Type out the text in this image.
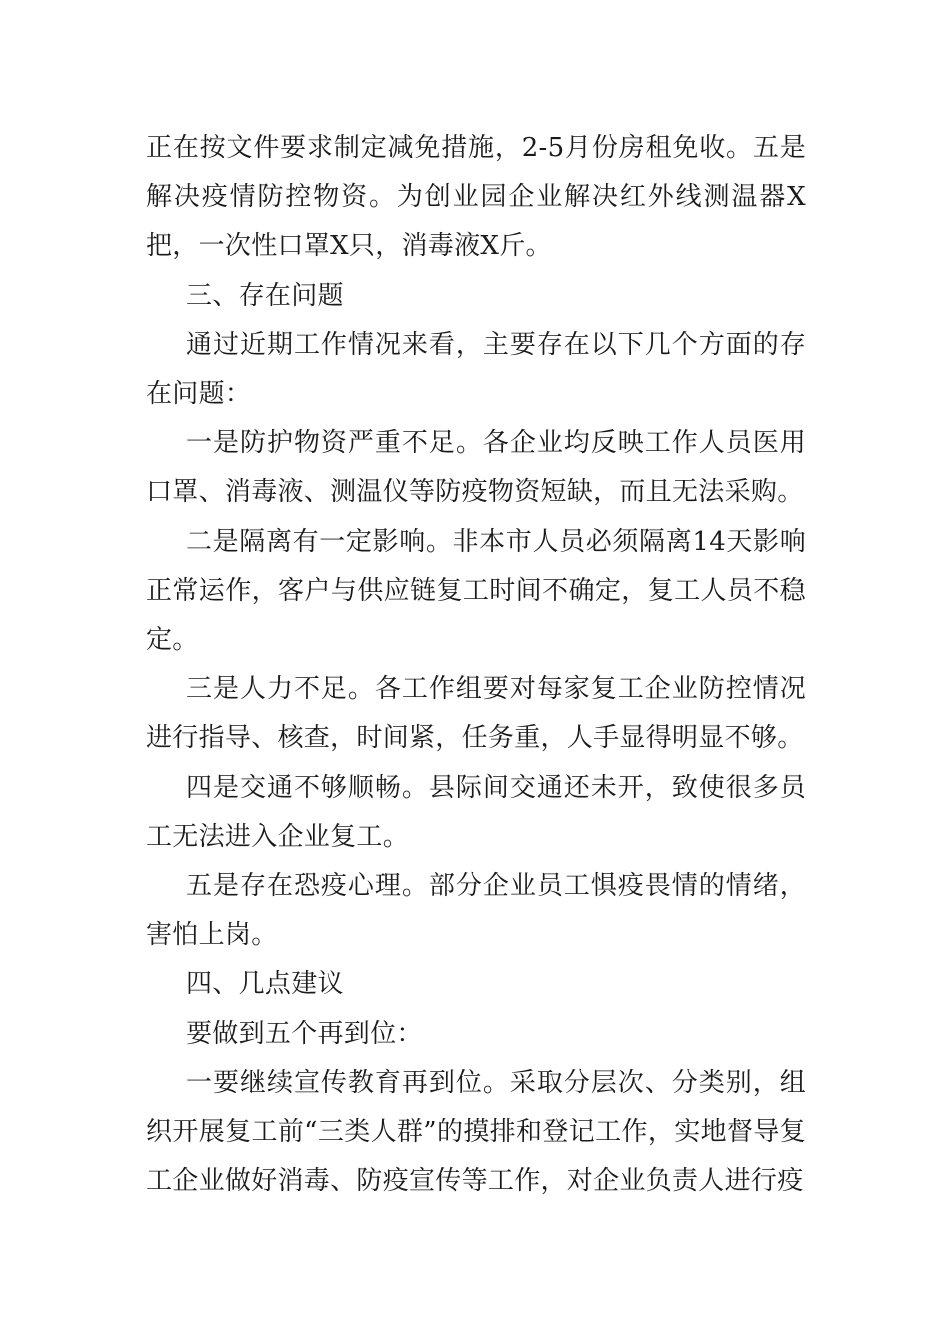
正在按文件要求制定减免措施，2-5月份房租免收。五是解决疫情防控物资。为创业园企业解决红外线测温器X把，一次性口罩X只，消毒液X斤。

三、存在问题

通过近期工作情况来看，主要存在以下几个方面的存在问题：

一是防护物资严重不足。各企业均反映工作人员医用口罩、消毒液、测温仪等防疫物资短缺，而且无法采购。

二是隔离有一定影响。非本市人员必须隔离14天影响正常运作，客户与供应链复工时间不确定，复工人员不稳定。

三是人力不足。各工作组要对每家复工企业防控情况进行指导、核查，时间紧，任务重，人手显得明显不够。

四是交通不够顺畅。县际间交通还未开，致使很多员工无法进入企业复工。

五是存在恐疫心理。部分企业员工惧疫畏情的情绪，害怕上岗。

四、几点建议

要做到五个再到位：

一要继续宣传教育再到位。采取分层次、分类别，组织开展复工前“三类人群”的摸排和登记工作，实地督导复工企业做好消毒、防疫宣传等工作，对企业负责人进行疫
